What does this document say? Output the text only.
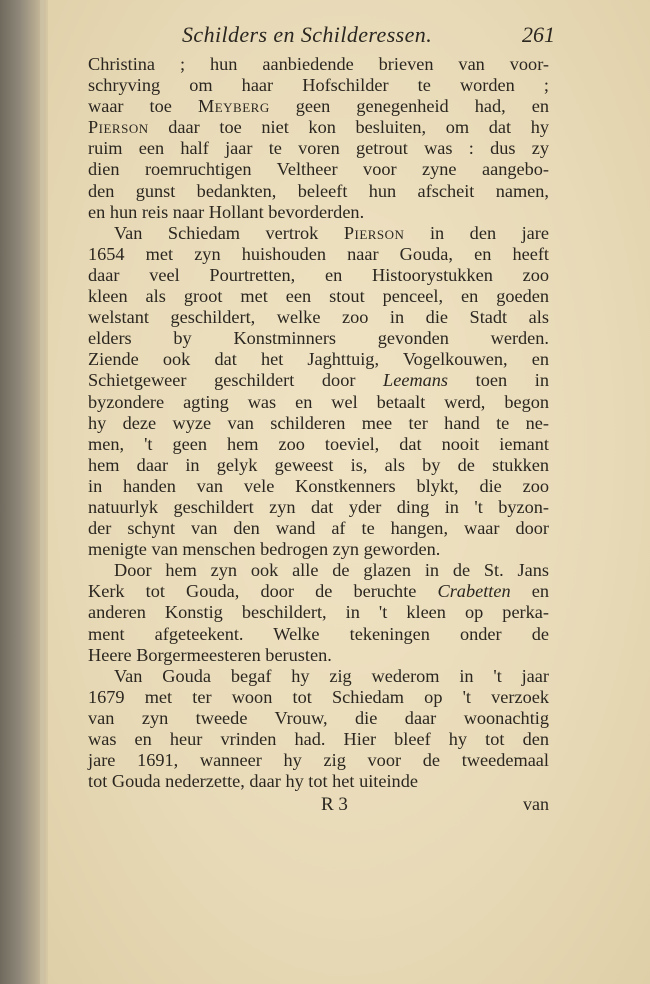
Schilders en Schilderessen.	261
Christina ; hun aanbiedende brieven van voor-
schryving om haar Hofschilder te worden ;
waar toe Meyberg geen genegenheid had, en
Pierson daar toe niet kon besluiten, om dat hy
ruim een half jaar te voren getrout was : dus zy
dien roemruchtigen Veltheer voor zyne aangebo-
den gunst bedankten, beleeft hun afscheit namen,
en hun reis naar Hollant bevorderden.
Van Schiedam vertrok Pierson in den jare
1654 met zyn huishouden naar Gouda, en heeft
daar veel Pourtretten, en Histoorystukken zoo
kleen als groot met een stout penceel, en goeden
welstant geschildert, welke zoo in die Stadt als
elders by Konstminners gevonden werden.
Ziende ook dat het Jaghttuig, Vogelkouwen, en
Schietgeweer geschildert door Leemans toen in
byzondere agting was en wel betaalt werd, begon
hy deze wyze van schilderen mee ter hand te ne-
men, 't geen hem zoo toeviel, dat nooit iemant
hem daar in gelyk geweest is, als by de stukken
in handen van vele Konstkenners blykt, die zoo
natuurlyk geschildert zyn dat yder ding in 't byzon-
der schynt van den wand af te hangen, waar door
menigte van menschen bedrogen zyn geworden.
Door hem zyn ook alle de glazen in de St. Jans
Kerk tot Gouda, door de beruchte Crabetten en
anderen Konstig beschildert, in 't kleen op perka-
ment afgeteekent. Welke tekeningen onder de
Heere Borgermeesteren berusten.
Van Gouda begaf hy zig wederom in 't jaar
1679 met ter woon tot Schiedam op 't verzoek
van zyn tweede Vrouw, die daar woonachtig
was en heur vrinden had. Hier bleef hy tot den
jare 1691, wanneer hy zig voor de tweedemaal
tot Gouda nederzette, daar hy tot het uiteinde
R 3	van
